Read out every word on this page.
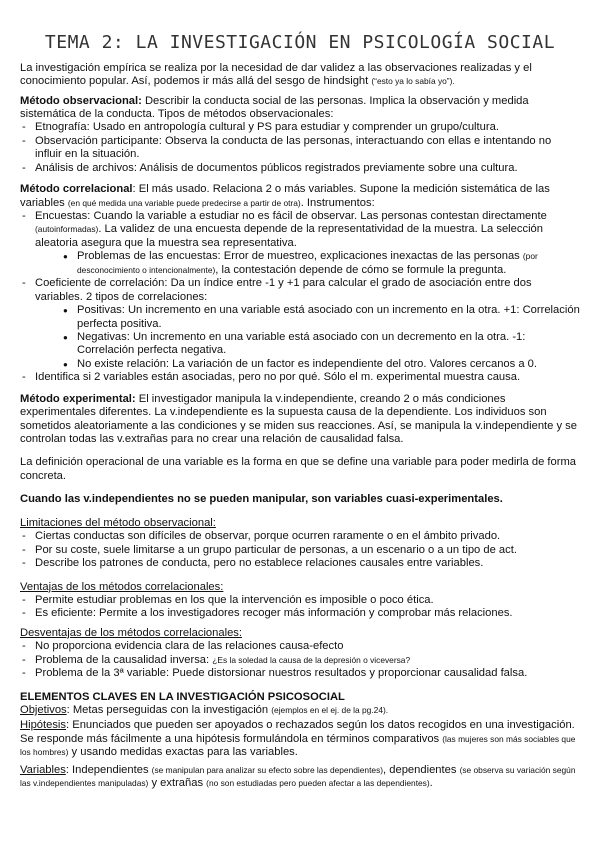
TEMA 2: LA INVESTIGACIÓN EN PSICOLOGÍA SOCIAL

La investigación empírica se realiza por la necesidad de dar validez a las observaciones realizadas y el conocimiento popular. Así, podemos ir más allá del sesgo de hindsight (“esto ya lo sabía yo”).

Método observacional: Describir la conducta social de las personas. Implica la observación y medida sistemática de la conducta. Tipos de métodos observacionales:

- Etnografía: Usado en antropología cultural y PS para estudiar y comprender un grupo/cultura.
- Observación participante: Observa la conducta de las personas, interactuando con ellas e intentando no influir en la situación.
- Análisis de archivos: Análisis de documentos públicos registrados previamente sobre una cultura.

Método correlacional: El más usado. Relaciona 2 o más variables. Supone la medición sistemática de las variables (en qué medida una variable puede predecirse a partir de otra). Instrumentos:

- Encuestas: Cuando la variable a estudiar no es fácil de observar. Las personas contestan directamente (autoinformadas). La validez de una encuesta depende de la representatividad de la muestra. La selección aleatoria asegura que la muestra sea representativa.
● Problemas de las encuestas: Error de muestreo, explicaciones inexactas de las personas (por desconocimiento o intencionalmente), la contestación depende de cómo se formule la pregunta.
- Coeficiente de correlación: Da un índice entre -1 y +1 para calcular el grado de asociación entre dos variables. 2 tipos de correlaciones:
● Positivas: Un incremento en una variable está asociado con un incremento en la otra. +1: Correlación perfecta positiva.
● Negativas: Un incremento en una variable está asociado con un decremento en la otra. -1: Correlación perfecta negativa.
● No existe relación: La variación de un factor es independiente del otro. Valores cercanos a 0.
- Identifica si 2 variables están asociadas, pero no por qué. Sólo el m. experimental muestra causa.

Método experimental: El investigador manipula la v.independiente, creando 2 o más condiciones experimentales diferentes. La v.independiente es la supuesta causa de la dependiente. Los individuos son sometidos aleatoriamente a las condiciones y se miden sus reacciones. Así, se manipula la v.independiente y se controlan todas las v.extrañas para no crear una relación de causalidad falsa.

La definición operacional de una variable es la forma en que se define una variable para poder medirla de forma concreta.

Cuando las v.independientes no se pueden manipular, son variables cuasi-experimentales.

Limitaciones del método observacional:
- Ciertas conductas son difíciles de observar, porque ocurren raramente o en el ámbito privado.
- Por su coste, suele limitarse a un grupo particular de personas, a un escenario o a un tipo de act.
- Describe los patrones de conducta, pero no establece relaciones causales entre variables.
Ventajas de los métodos correlacionales:
- Permite estudiar problemas en los que la intervención es imposible o poco ética.
- Es eficiente: Permite a los investigadores recoger más información y comprobar más relaciones.
Desventajas de los métodos correlacionales:
- No proporciona evidencia clara de las relaciones causa-efecto
- Problema de la causalidad inversa: ¿Es la soledad la causa de la depresión o viceversa?
- Problema de la 3ª variable: Puede distorsionar nuestros resultados y proporcionar causalidad falsa.
ELEMENTOS CLAVES EN LA INVESTIGACIÓN PSICOSOCIAL

Objetivos: Metas perseguidas con la investigación (ejemplos en el ej. de la pg.24).

Hipótesis: Enunciados que pueden ser apoyados o rechazados según los datos recogidos en una investigación. Se responde más fácilmente a una hipótesis formulándola en términos comparativos (las mujeres son más sociables que los hombres) y usando medidas exactas para las variables.

Variables: Independientes (se manipulan para analizar su efecto sobre las dependientes), dependientes (se observa su variación según las v.independientes manipuladas) y extrañas (no son estudiadas pero pueden afectar a las dependientes).
